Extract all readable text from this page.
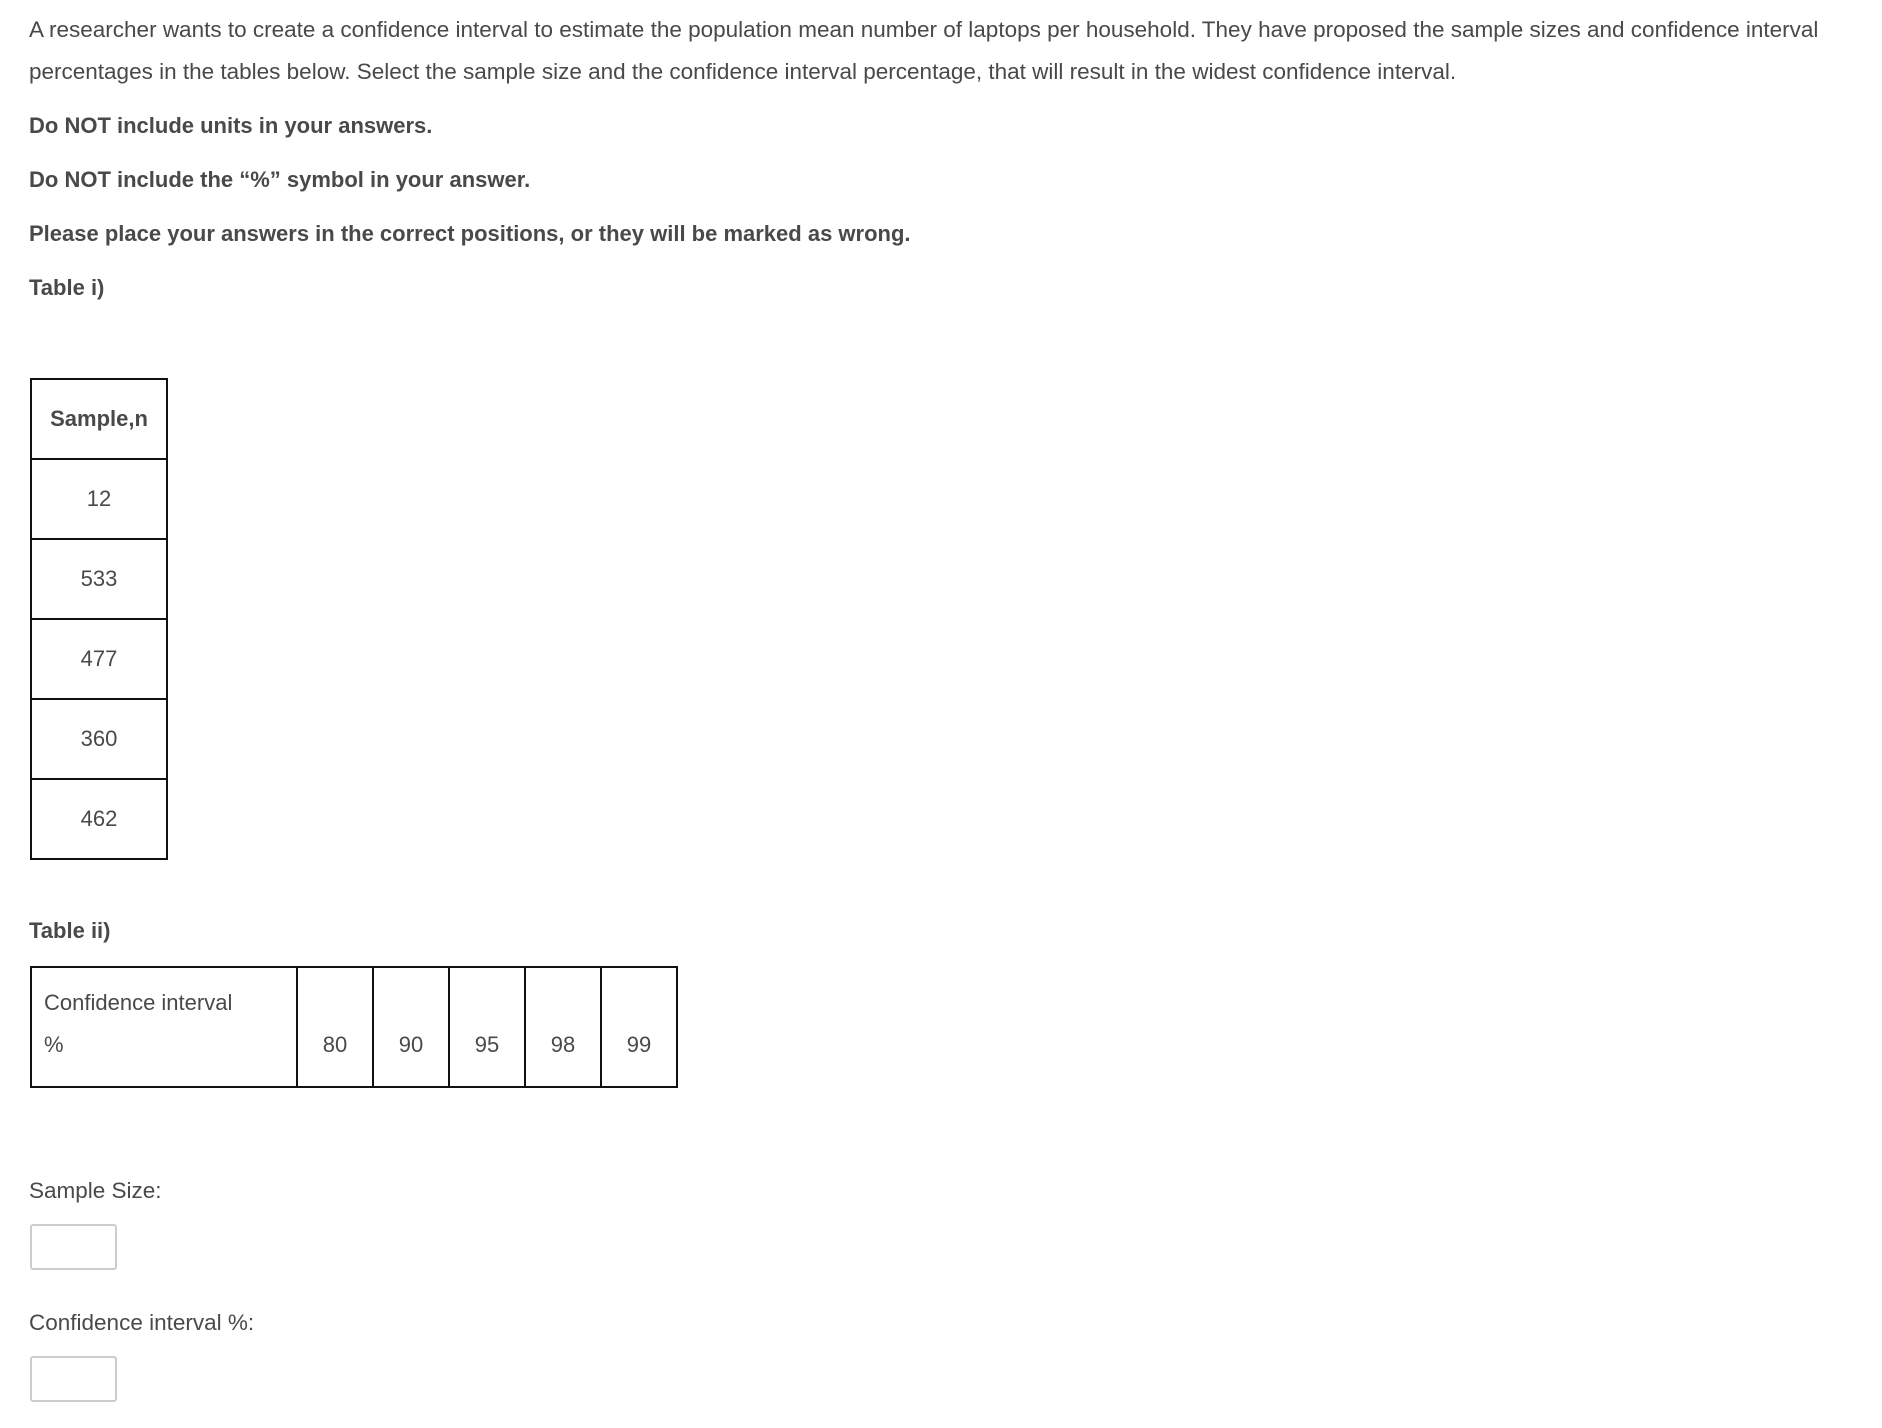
A researcher wants to create a confidence interval to estimate the population mean number of laptops per household. They have proposed the sample sizes and confidence interval percentages in the tables below. Select the sample size and the confidence interval percentage, that will result in the widest confidence interval.
Do NOT include units in your answers.
Do NOT include the “%” symbol in your answer.
Please place your answers in the correct positions, or they will be marked as wrong.
Table i)
Sample,n
12
533
477
360
462
Table ii)
Confidence interval
%	80	90	95	98	99
Sample Size:
Confidence interval %:
